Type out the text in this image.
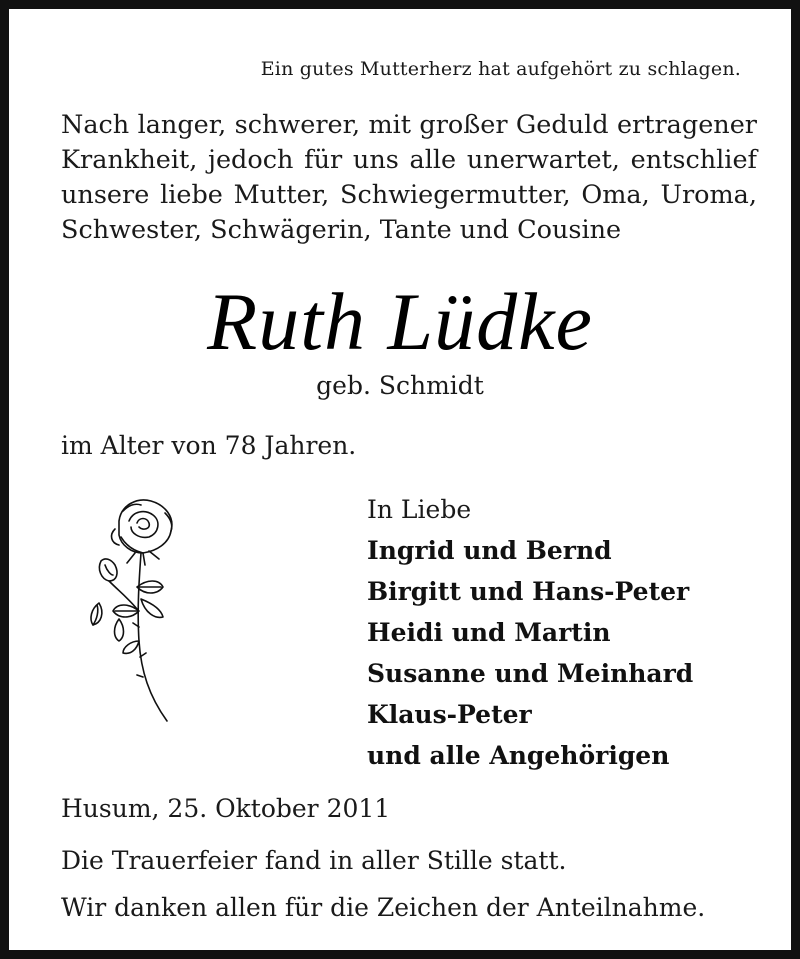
Ein gutes Mutterherz hat aufgehört zu schlagen.
Nach langer, schwerer, mit großer Geduld ertragener
Krankheit, jedoch für uns alle unerwartet, entschlief
unsere liebe Mutter, Schwiegermutter, Oma, Uroma,
Schwester, Schwägerin, Tante und Cousine
Ruth Lüdke
geb. Schmidt
im Alter von 78 Jahren.
In Liebe
Ingrid und Bernd
Birgitt und Hans-Peter
Heidi und Martin
Susanne und Meinhard
Klaus-Peter
und alle Angehörigen
Husum, 25. Oktober 2011
Die Trauerfeier fand in aller Stille statt.
Wir danken allen für die Zeichen der Anteilnahme.
